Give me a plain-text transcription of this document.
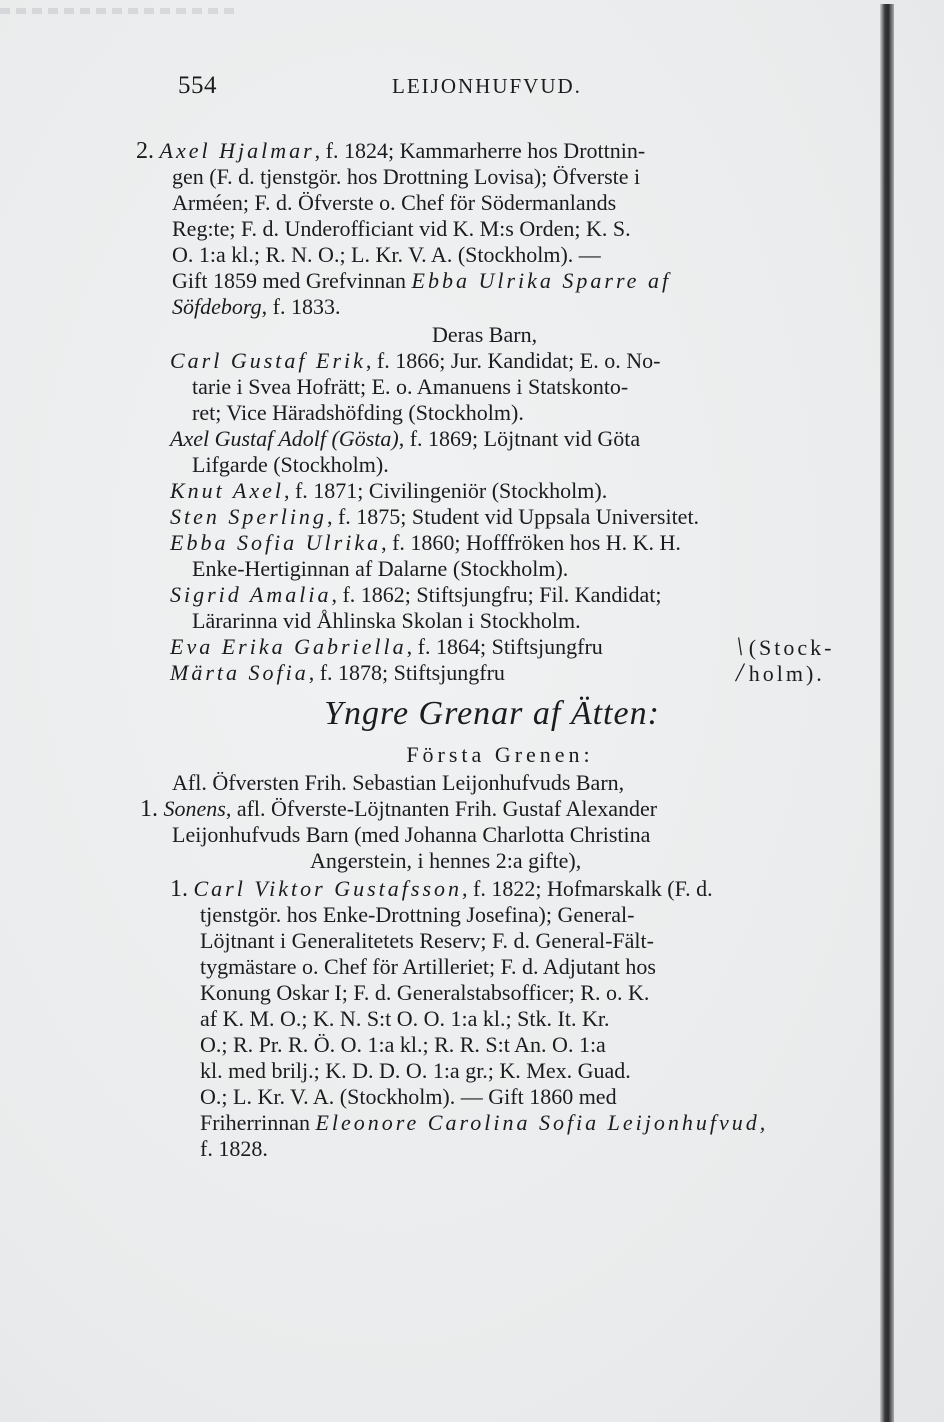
554	LEIJONHUFVUD.
2. Axel Hjalmar, f. 1824; Kammarherre hos Drottnin-
gen (F. d. tjenstgör. hos Drottning Lovisa); Öfverste i
Arméen; F. d. Öfverste o. Chef för Södermanlands
Reg:te; F. d. Underofficiant vid K. M:s Orden; K. S.
O. 1:a kl.; R. N. O.; L. Kr. V. A. (Stockholm). —
Gift 1859 med Grefvinnan Ebba Ulrika Sparre af
Söfdeborg, f. 1833.
Deras Barn,
Carl Gustaf Erik, f. 1866; Jur. Kandidat; E. o. No-
tarie i Svea Hofrätt; E. o. Amanuens i Statskonto-
ret; Vice Häradshöfding (Stockholm).
Axel Gustaf Adolf (Gösta), f. 1869; Löjtnant vid Göta
Lifgarde (Stockholm).
Knut Axel, f. 1871; Civilingeniör (Stockholm).
Sten Sperling, f. 1875; Student vid Uppsala Universitet.
Ebba Sofia Ulrika, f. 1860; Hofffröken hos H. K. H.
Enke-Hertiginnan af Dalarne (Stockholm).
Sigrid Amalia, f. 1862; Stiftsjungfru; Fil. Kandidat;
Lärarinna vid Åhlinska Skolan i Stockholm.
Eva Erika Gabriella, f. 1864; Stiftsjungfru
Märta Sofia, f. 1878; Stiftsjungfru
\ (Stock-
/ holm).
Yngre Grenar af Ätten:
Första Grenen:
Afl. Öfversten Frih. Sebastian Leijonhufvuds Barn,
1. Sonens, afl. Öfverste-Löjtnanten Frih. Gustaf Alexander
Leijonhufvuds Barn (med Johanna Charlotta Christina
Angerstein, i hennes 2:a gifte),
1. Carl Viktor Gustafsson, f. 1822; Hofmarskalk (F. d.
tjenstgör. hos Enke-Drottning Josefina); General-
Löjtnant i Generalitetets Reserv; F. d. General-Fält-
tygmästare o. Chef för Artilleriet; F. d. Adjutant hos
Konung Oskar I; F. d. Generalstabsofficer; R. o. K.
af K. M. O.; K. N. S:t O. O. 1:a kl.; Stk. It. Kr.
O.; R. Pr. R. Ö. O. 1:a kl.; R. R. S:t An. O. 1:a
kl. med brilj.; K. D. D. O. 1:a gr.; K. Mex. Guad.
O.; L. Kr. V. A. (Stockholm). — Gift 1860 med
Friherrinnan Eleonore Carolina Sofia Leijonhufvud,
f. 1828.
